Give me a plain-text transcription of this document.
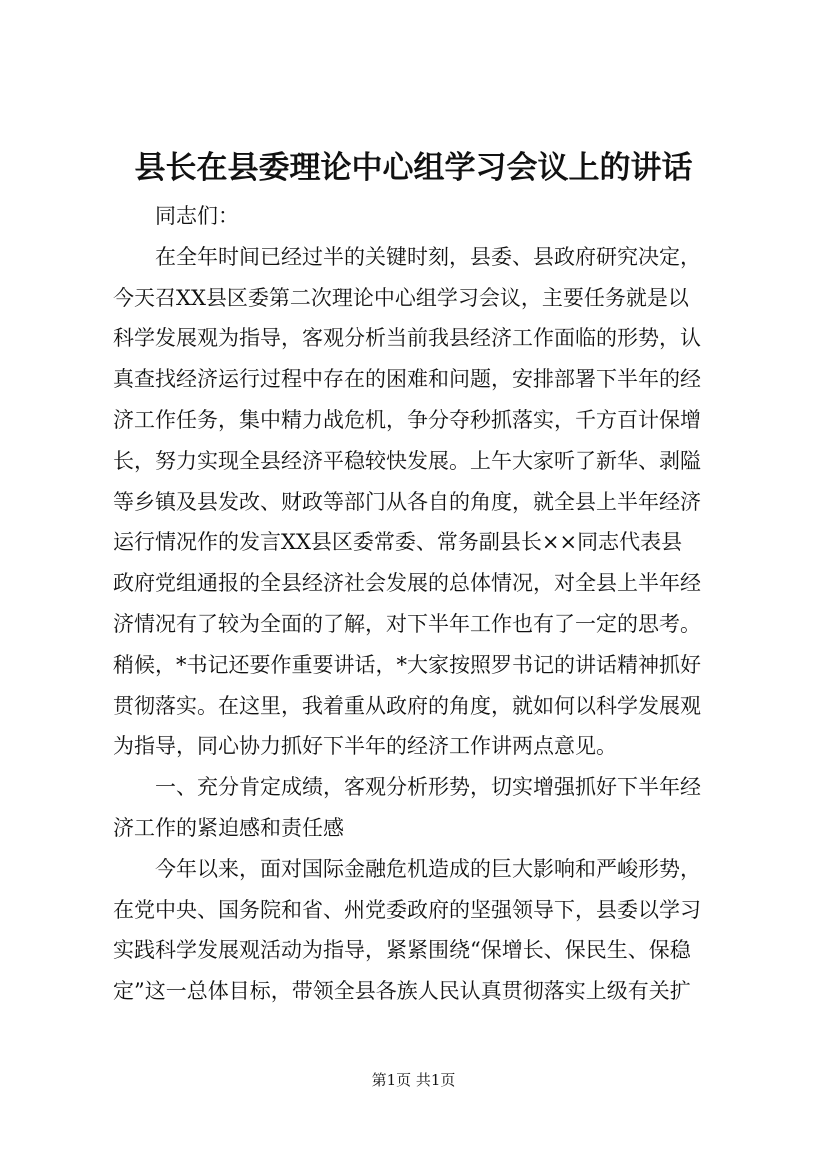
县长在县委理论中心组学习会议上的讲话
同志们：
在全年时间已经过半的关键时刻，县委、县政府研究决定，
今天召XX县区委第二次理论中心组学习会议，主要任务就是以
科学发展观为指导，客观分析当前我县经济工作面临的形势，认
真查找经济运行过程中存在的困难和问题，安排部署下半年的经
济工作任务，集中精力战危机，争分夺秒抓落实，千方百计保增
长，努力实现全县经济平稳较快发展。上午大家听了新华、剥隘
等乡镇及县发改、财政等部门从各自的角度，就全县上半年经济
运行情况作的发言XX县区委常委、常务副县长××同志代表县
政府党组通报的全县经济社会发展的总体情况，对全县上半年经
济情况有了较为全面的了解，对下半年工作也有了一定的思考。
稍候，*书记还要作重要讲话，*大家按照罗书记的讲话精神抓好
贯彻落实。在这里，我着重从政府的角度，就如何以科学发展观
为指导，同心协力抓好下半年的经济工作讲两点意见。
一、充分肯定成绩，客观分析形势，切实增强抓好下半年经
济工作的紧迫感和责任感
今年以来，面对国际金融危机造成的巨大影响和严峻形势，
在党中央、国务院和省、州党委政府的坚强领导下，县委以学习
实践科学发展观活动为指导，紧紧围绕“保增长、保民生、保稳
定”这一总体目标，带领全县各族人民认真贯彻落实上级有关扩
第1页 共1页
